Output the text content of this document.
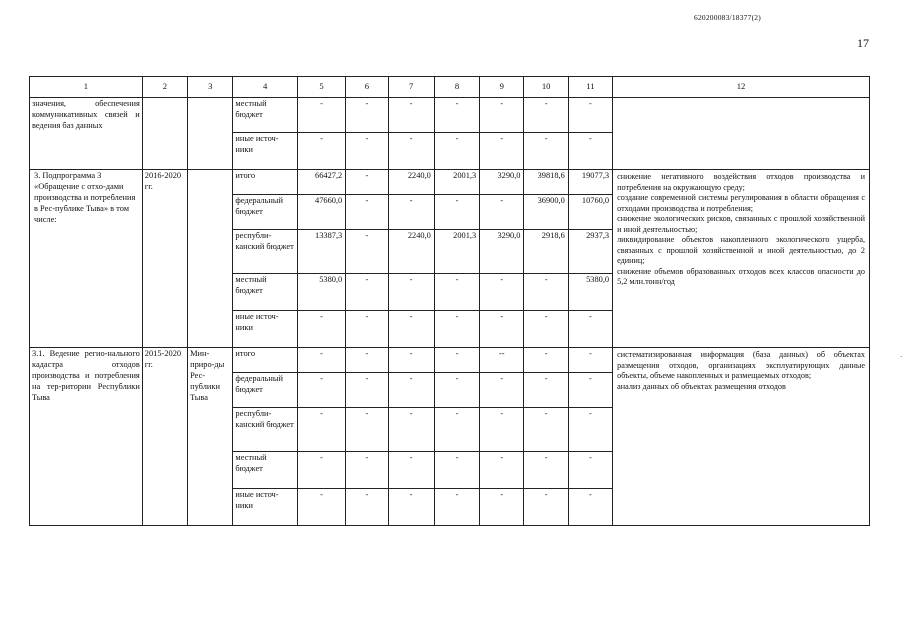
620200083/18377(2)
17
·
1	2	3	4	5	6	7	8	9	10	11	12
значения, обеспечения коммуникативных связей и ведения баз данных			местный бюджет	-	-	-	-	-	-	-	
			иные источ-ники	-	-	-	-	-	-	-	
3. Подпрограмма 3 «Обращение с отхо-дами производства и потребления в Рес-публике Тыва» в том числе:	2016-2020 гг.		итого	66427,2	-	2240,0	2001,3	3290,0	39818,6	19077,3	снижение негативного воздействия отходов производства и потребления на окружающую среду;
создание современной системы регулирования в области обращения с отходами производства и потребления;
снижение экологических рисков, связанных с прошлой хозяйственной и иной деятельностью;
ликвидирование объектов накопленного экологического ущерба, связанных с прошлой хозяйственной и иной деятельностью, до 2 единиц;
снижение объемов образованных отходов всех классов опасности до 5,2 млн.тонн/год

			федеральный бюджет	47660,0	-	-	-	-	36900,0	10760,0	
			республи-канский бюджет	13387,3	-	2240,0	2001,3	3290,0	2918,6	2937,3	
			местный бюджет	5380,0	-	-	-	-	-	5380,0	
			иные источ-ники	-	-	-	-	-	-	-	
3.1. Ведение регио-нального кадастра отходов производства и потребления на тер-ритории Республики Тыва	2015-2020 гг.	Мин-приро-ды Рес-публики Тыва	итого	-	-	-	-	--	-	-	систематизированная информация (база данных) об объектах размещения отходов, организациях эксплуатирующих данные объекты, объеме накопленных и размещаемых отходов;
анализ данных об объектах размещения отходов

			федеральный бюджет	-	-	-	-	-	-	-	
			республи-канский бюджет	-	-	-	-	-	-	-	
			местный бюджет	-	-	-	-	-	-	-	
			иные источ-ники	-	-	-	-	-	-	-	
